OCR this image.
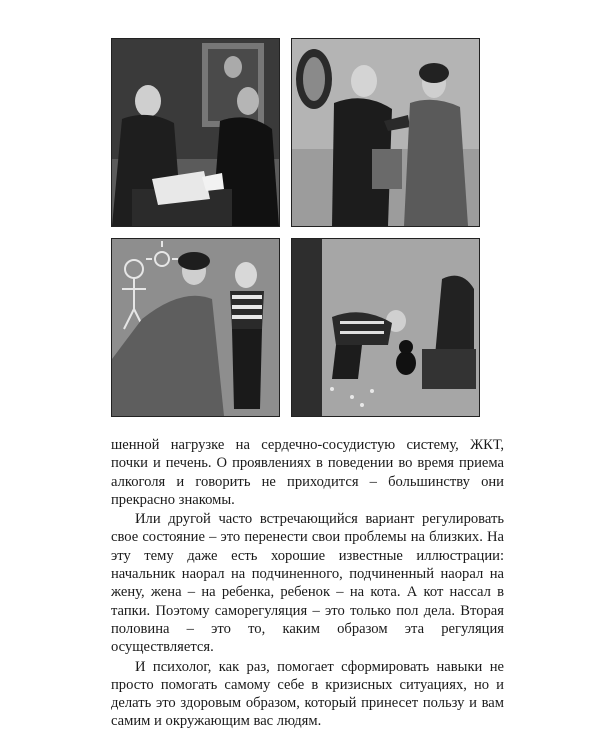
шенной нагрузке на сердечно-сосудистую систему, ЖКТ, почки и печень. О проявлениях в поведении во время приема алкоголя и говорить не приходится – большинству они прекрасно знакомы.

Или другой часто встречающийся вариант регулировать свое состояние – это перенести свои проблемы на близких. На эту тему даже есть хорошие известные иллюстрации: начальник наорал на подчиненного, подчиненный наорал на жену, жена – на ребенка, ребенок – на кота. А кот нассал в тапки. Поэтому саморегуляция – это только пол дела. Вторая половина – это то, каким образом эта регуляция осуществляется.

И психолог, как раз, помогает сформировать навыки не просто помогать самому себе в кризисных ситуациях, но и делать это здоровым образом, который принесет пользу и вам самим и окружающим вас людям.
